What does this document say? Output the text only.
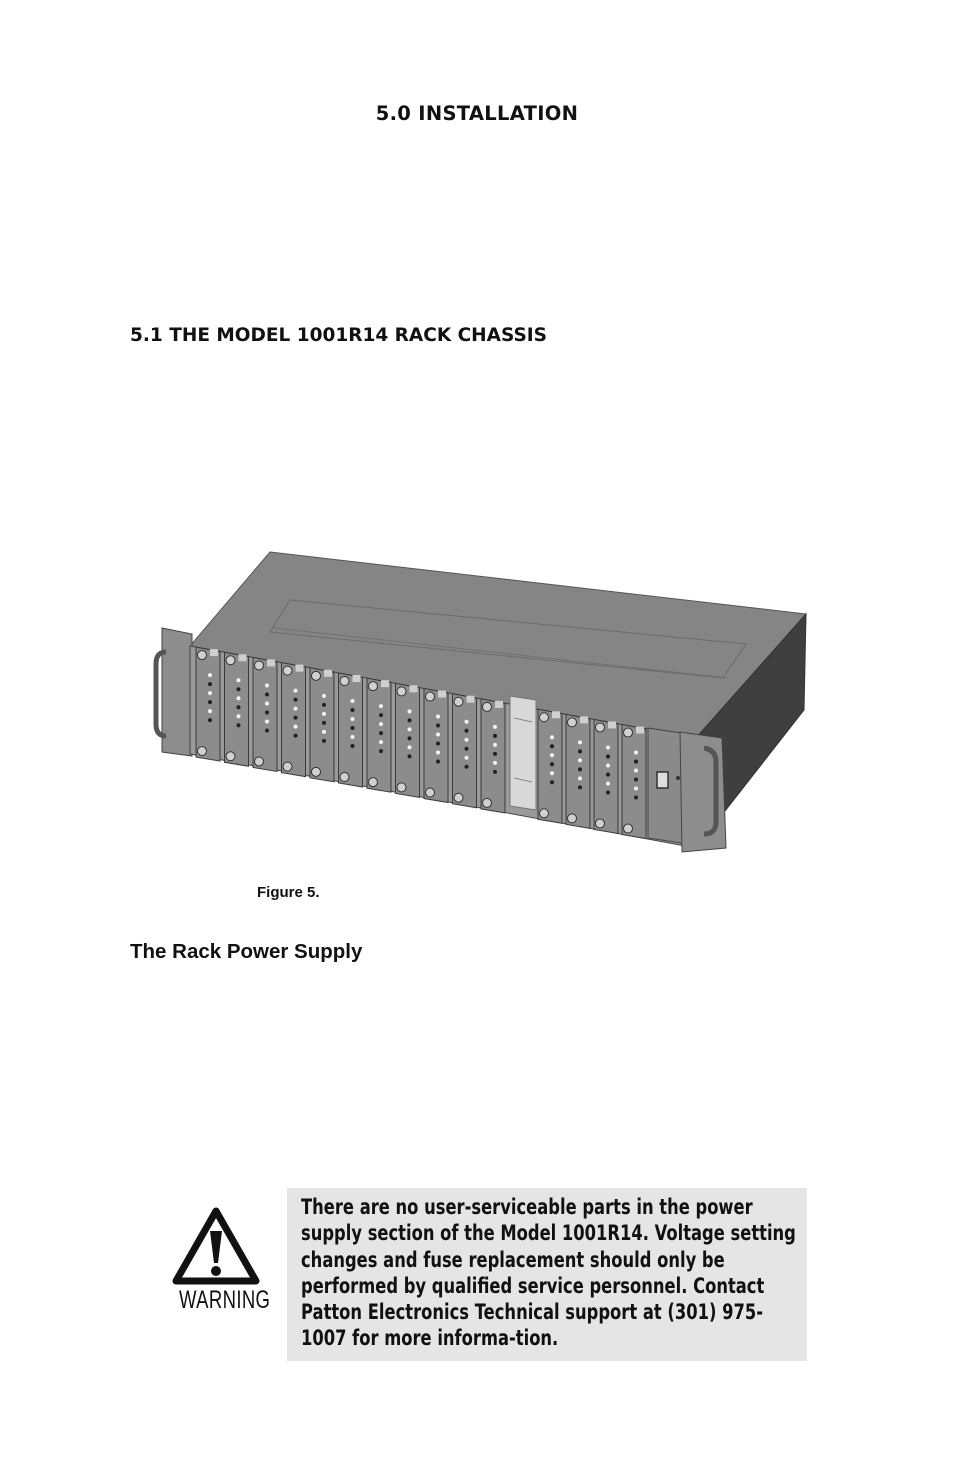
5.0 INSTALLATION
5.1 THE MODEL 1001R14 RACK CHASSIS
Figure 5.
The Rack Power Supply
WARNING
There are no user-serviceable parts in the power supply section of the Model 1001R14. Voltage setting changes and fuse replacement should only be performed by qualified service personnel. Contact Patton Electronics Technical support at (301) 975-1007 for more informa-tion.
